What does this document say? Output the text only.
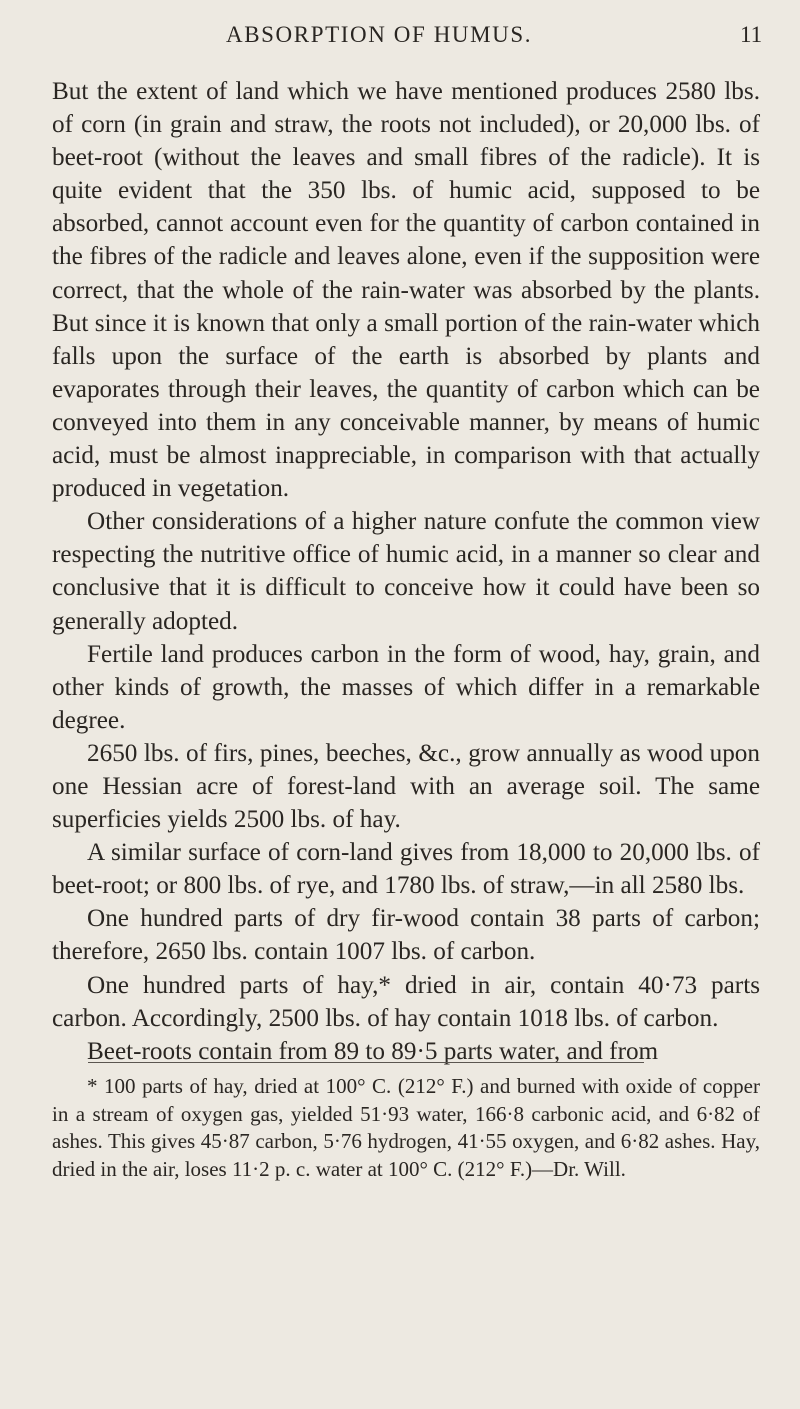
ABSORPTION OF HUMUS.	11

But the extent of land which we have mentioned produces 2580 lbs. of corn (in grain and straw, the roots not included), or 20,000 lbs. of beet-root (without the leaves and small fibres of the radicle). It is quite evident that the 350 lbs. of humic acid, supposed to be absorbed, cannot account even for the quantity of carbon contained in the fibres of the radicle and leaves alone, even if the supposition were correct, that the whole of the rain-water was absorbed by the plants. But since it is known that only a small portion of the rain-water which falls upon the surface of the earth is absorbed by plants and evaporates through their leaves, the quantity of carbon which can be conveyed into them in any conceivable manner, by means of humic acid, must be almost inappreciable, in comparison with that actually produced in vegetation.

Other considerations of a higher nature confute the common view respecting the nutritive office of humic acid, in a manner so clear and conclusive that it is difficult to conceive how it could have been so generally adopted.

Fertile land produces carbon in the form of wood, hay, grain, and other kinds of growth, the masses of which differ in a remarkable degree.

2650 lbs. of firs, pines, beeches, &c., grow annually as wood upon one Hessian acre of forest-land with an average soil. The same superficies yields 2500 lbs. of hay.

A similar surface of corn-land gives from 18,000 to 20,000 lbs. of beet-root; or 800 lbs. of rye, and 1780 lbs. of straw,—in all 2580 lbs.

One hundred parts of dry fir-wood contain 38 parts of carbon; therefore, 2650 lbs. contain 1007 lbs. of carbon.

One hundred parts of hay,* dried in air, contain 40·73 parts carbon. Accordingly, 2500 lbs. of hay contain 1018 lbs. of carbon.

Beet-roots contain from 89 to 89·5 parts water, and from

* 100 parts of hay, dried at 100° C. (212° F.) and burned with oxide of copper in a stream of oxygen gas, yielded 51·93 water, 166·8 carbonic acid, and 6·82 of ashes. This gives 45·87 carbon, 5·76 hydrogen, 41·55 oxygen, and 6·82 ashes. Hay, dried in the air, loses 11·2 p. c. water at 100° C. (212° F.)—Dr. Will.
